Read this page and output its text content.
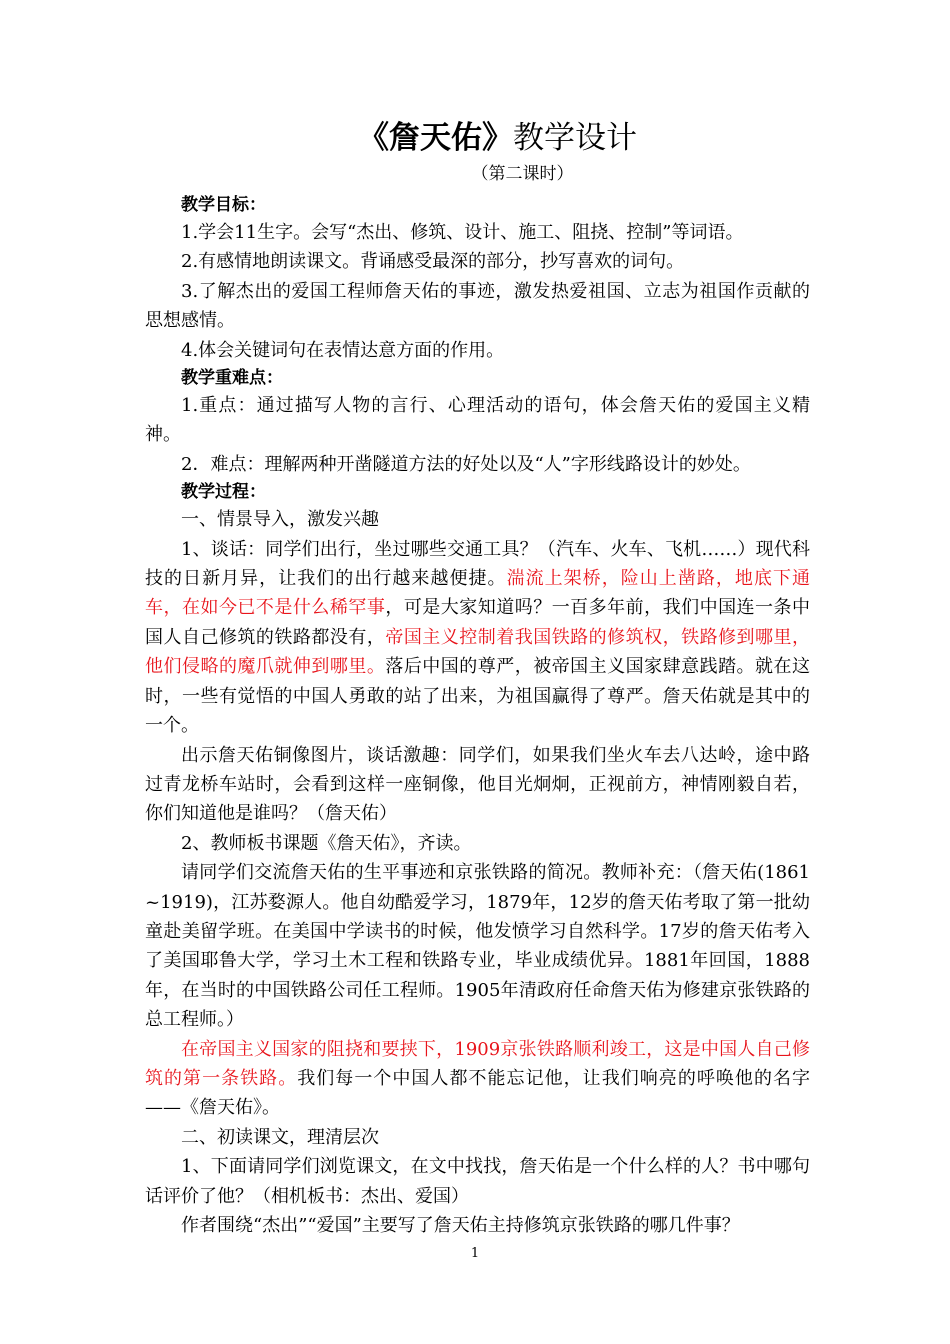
《詹天佑》教学设计
（第二课时）
教学目标：

1.学会11生字。会写“杰出、修筑、设计、施工、阻挠、控制”等词语。

2.有感情地朗读课文。背诵感受最深的部分，抄写喜欢的词句。

3.了解杰出的爱国工程师詹天佑的事迹，激发热爱祖国、立志为祖国作贡献的思想感情。

4.体会关键词句在表情达意方面的作用。

教学重难点：

1.重点：通过描写人物的言行、心理活动的语句，体会詹天佑的爱国主义精神。

2．难点：理解两种开凿隧道方法的好处以及“人”字形线路设计的妙处。

教学过程：

一、情景导入，激发兴趣

1、谈话：同学们出行，坐过哪些交通工具？（汽车、火车、飞机……）现代科技的日新月异，让我们的出行越来越便捷。湍流上架桥，险山上凿路，地底下通车，在如今已不是什么稀罕事，可是大家知道吗？一百多年前，我们中国连一条中国人自己修筑的铁路都没有，帝国主义控制着我国铁路的修筑权，铁路修到哪里，他们侵略的魔爪就伸到哪里。落后中国的尊严，被帝国主义国家肆意践踏。就在这时，一些有觉悟的中国人勇敢的站了出来，为祖国赢得了尊严。詹天佑就是其中的一个。

出示詹天佑铜像图片，谈话激趣：同学们，如果我们坐火车去八达岭，途中路过青龙桥车站时，会看到这样一座铜像，他目光炯炯，正视前方，神情刚毅自若，你们知道他是谁吗？（詹天佑）

2、教师板书课题《詹天佑》，齐读。

请同学们交流詹天佑的生平事迹和京张铁路的简况。教师补充：（詹天佑(1861~1919)，江苏婺源人。他自幼酷爱学习，1879年，12岁的詹天佑考取了第一批幼童赴美留学班。在美国中学读书的时候，他发愤学习自然科学。17岁的詹天佑考入了美国耶鲁大学，学习土木工程和铁路专业，毕业成绩优异。1881年回国，1888年，在当时的中国铁路公司任工程师。1905年清政府任命詹天佑为修建京张铁路的总工程师。）

在帝国主义国家的阻挠和要挟下，1909京张铁路顺利竣工，这是中国人自己修筑的第一条铁路。我们每一个中国人都不能忘记他，让我们响亮的呼唤他的名字——《詹天佑》。

二、初读课文，理清层次

1、下面请同学们浏览课文，在文中找找，詹天佑是一个什么样的人？书中哪句话评价了他？（相机板书：杰出、爱国）

作者围绕“杰出”“爱国”主要写了詹天佑主持修筑京张铁路的哪几件事？

1
